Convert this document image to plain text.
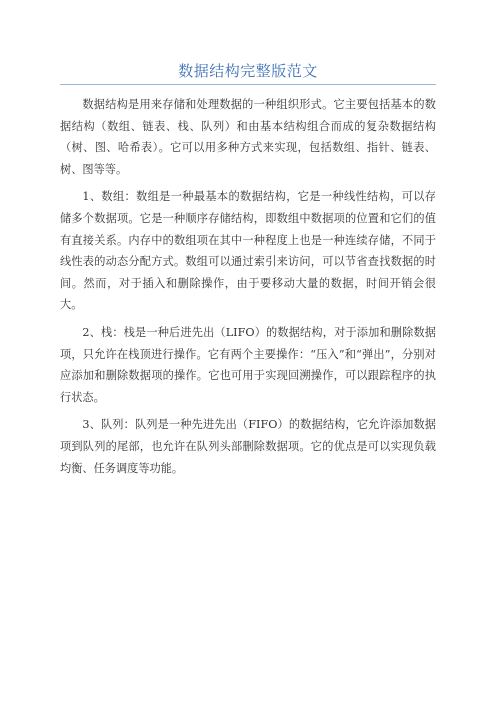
数据结构完整版范文

数据结构是用来存储和处理数据的一种组织形式。它主要包括基本的数据结构（数组、链表、栈、队列）和由基本结构组合而成的复杂数据结构（树、图、哈希表）。它可以用多种方式来实现，包括数组、指针、链表、树、图等等。

1、数组：数组是一种最基本的数据结构，它是一种线性结构，可以存储多个数据项。它是一种顺序存储结构，即数组中数据项的位置和它们的值有直接关系。内存中的数组项在其中一种程度上也是一种连续存储，不同于线性表的动态分配方式。数组可以通过索引来访问，可以节省查找数据的时间。然而，对于插入和删除操作，由于要移动大量的数据，时间开销会很大。

2、栈：栈是一种后进先出（LIFO）的数据结构，对于添加和删除数据项，只允许在栈顶进行操作。它有两个主要操作：“压入”和“弹出”，分别对应添加和删除数据项的操作。它也可用于实现回溯操作，可以跟踪程序的执行状态。

3、队列：队列是一种先进先出（FIFO）的数据结构，它允许添加数据项到队列的尾部，也允许在队列头部删除数据项。它的优点是可以实现负载均衡、任务调度等功能。
